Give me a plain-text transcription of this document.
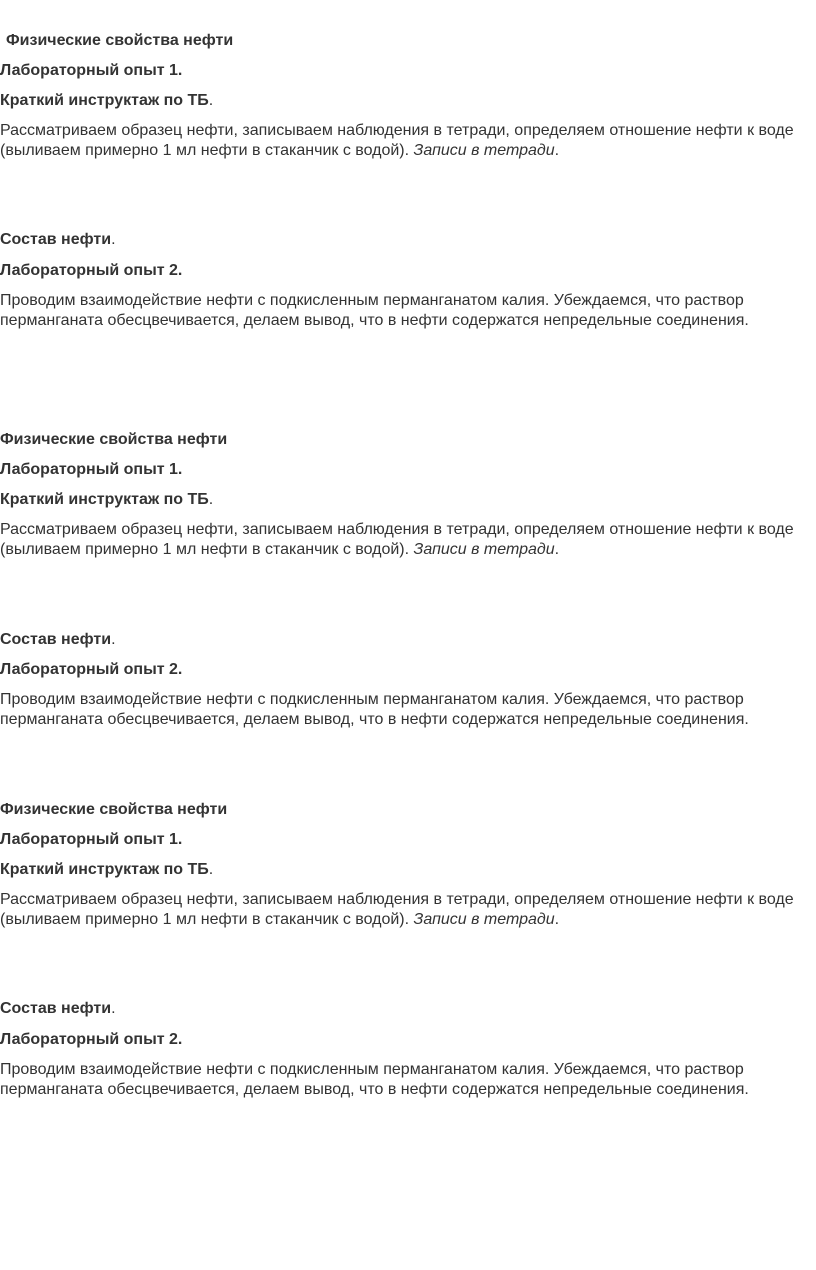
Физические свойства нефти

Лабораторный опыт 1.

Краткий инструктаж по ТБ.

Рассматриваем образец нефти, записываем наблюдения в тетради, определяем отношение нефти к воде (выливаем примерно 1 мл нефти в стаканчик с водой). Записи в тетради.

Состав нефти.

Лабораторный опыт 2.

Проводим взаимодействие нефти с подкисленным перманганатом калия. Убеждаемся, что раствор перманганата обесцвечивается, делаем вывод, что в нефти содержатся непредельные соединения.

Физические свойства нефти

Лабораторный опыт 1.

Краткий инструктаж по ТБ.

Рассматриваем образец нефти, записываем наблюдения в тетради, определяем отношение нефти к воде (выливаем примерно 1 мл нефти в стаканчик с водой). Записи в тетради.

Состав нефти.

Лабораторный опыт 2.

Проводим взаимодействие нефти с подкисленным перманганатом калия. Убеждаемся, что раствор перманганата обесцвечивается, делаем вывод, что в нефти содержатся непредельные соединения.

Физические свойства нефти

Лабораторный опыт 1.

Краткий инструктаж по ТБ.

Рассматриваем образец нефти, записываем наблюдения в тетради, определяем отношение нефти к воде (выливаем примерно 1 мл нефти в стаканчик с водой). Записи в тетради.

Состав нефти.

Лабораторный опыт 2.

Проводим взаимодействие нефти с подкисленным перманганатом калия. Убеждаемся, что раствор перманганата обесцвечивается, делаем вывод, что в нефти содержатся непредельные соединения.
